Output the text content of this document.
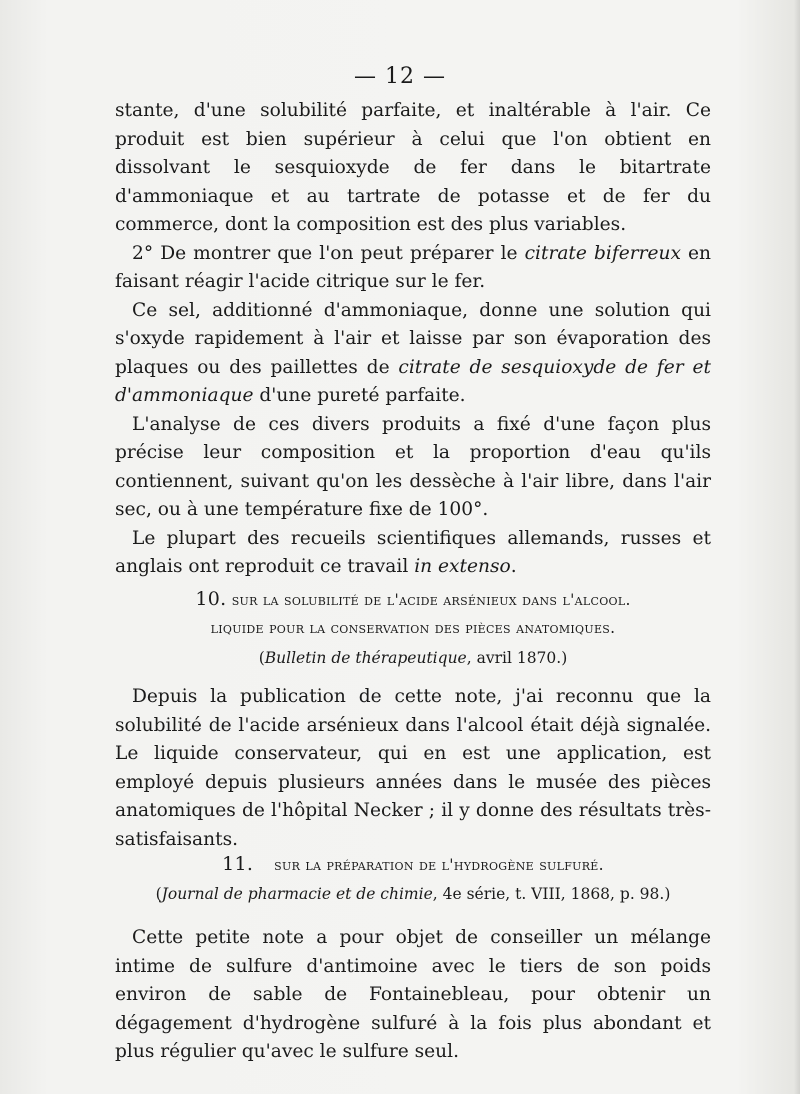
— 12 —

stante, d'une solubilité parfaite, et inaltérable à l'air. Ce produit est bien supérieur à celui que l'on obtient en dissolvant le sesquioxyde de fer dans le bitartrate d'ammoniaque et au tartrate de potasse et de fer du commerce, dont la composition est des plus variables.

2° De montrer que l'on peut préparer le citrate biferreux en faisant réagir l'acide citrique sur le fer.

Ce sel, additionné d'ammoniaque, donne une solution qui s'oxyde rapidement à l'air et laisse par son évaporation des plaques ou des paillettes de citrate de sesquioxyde de fer et d'ammoniaque d'une pureté parfaite.

L'analyse de ces divers produits a fixé d'une façon plus précise leur composition et la proportion d'eau qu'ils contiennent, suivant qu'on les dessèche à l'air libre, dans l'air sec, ou à une température fixe de 100°.

Le plupart des recueils scientifiques allemands, russes et anglais ont reproduit ce travail in extenso.

10. sur la solubilité de l'acide arsénieux dans l'alcool.
liquide pour la conservation des pièces anatomiques.
(Bulletin de thérapeutique, avril 1870.)

Depuis la publication de cette note, j'ai reconnu que la solubilité de l'acide arsénieux dans l'alcool était déjà signalée. Le liquide conservateur, qui en est une application, est employé depuis plusieurs années dans le musée des pièces anatomiques de l'hôpital Necker ; il y donne des résultats très-satisfaisants.

11. sur la préparation de l'hydrogène sulfuré.
(Journal de pharmacie et de chimie, 4e série, t. VIII, 1868, p. 98.)

Cette petite note a pour objet de conseiller un mélange intime de sulfure d'antimoine avec le tiers de son poids environ de sable de Fontainebleau, pour obtenir un dégagement d'hydrogène sulfuré à la fois plus abondant et plus régulier qu'avec le sulfure seul.
